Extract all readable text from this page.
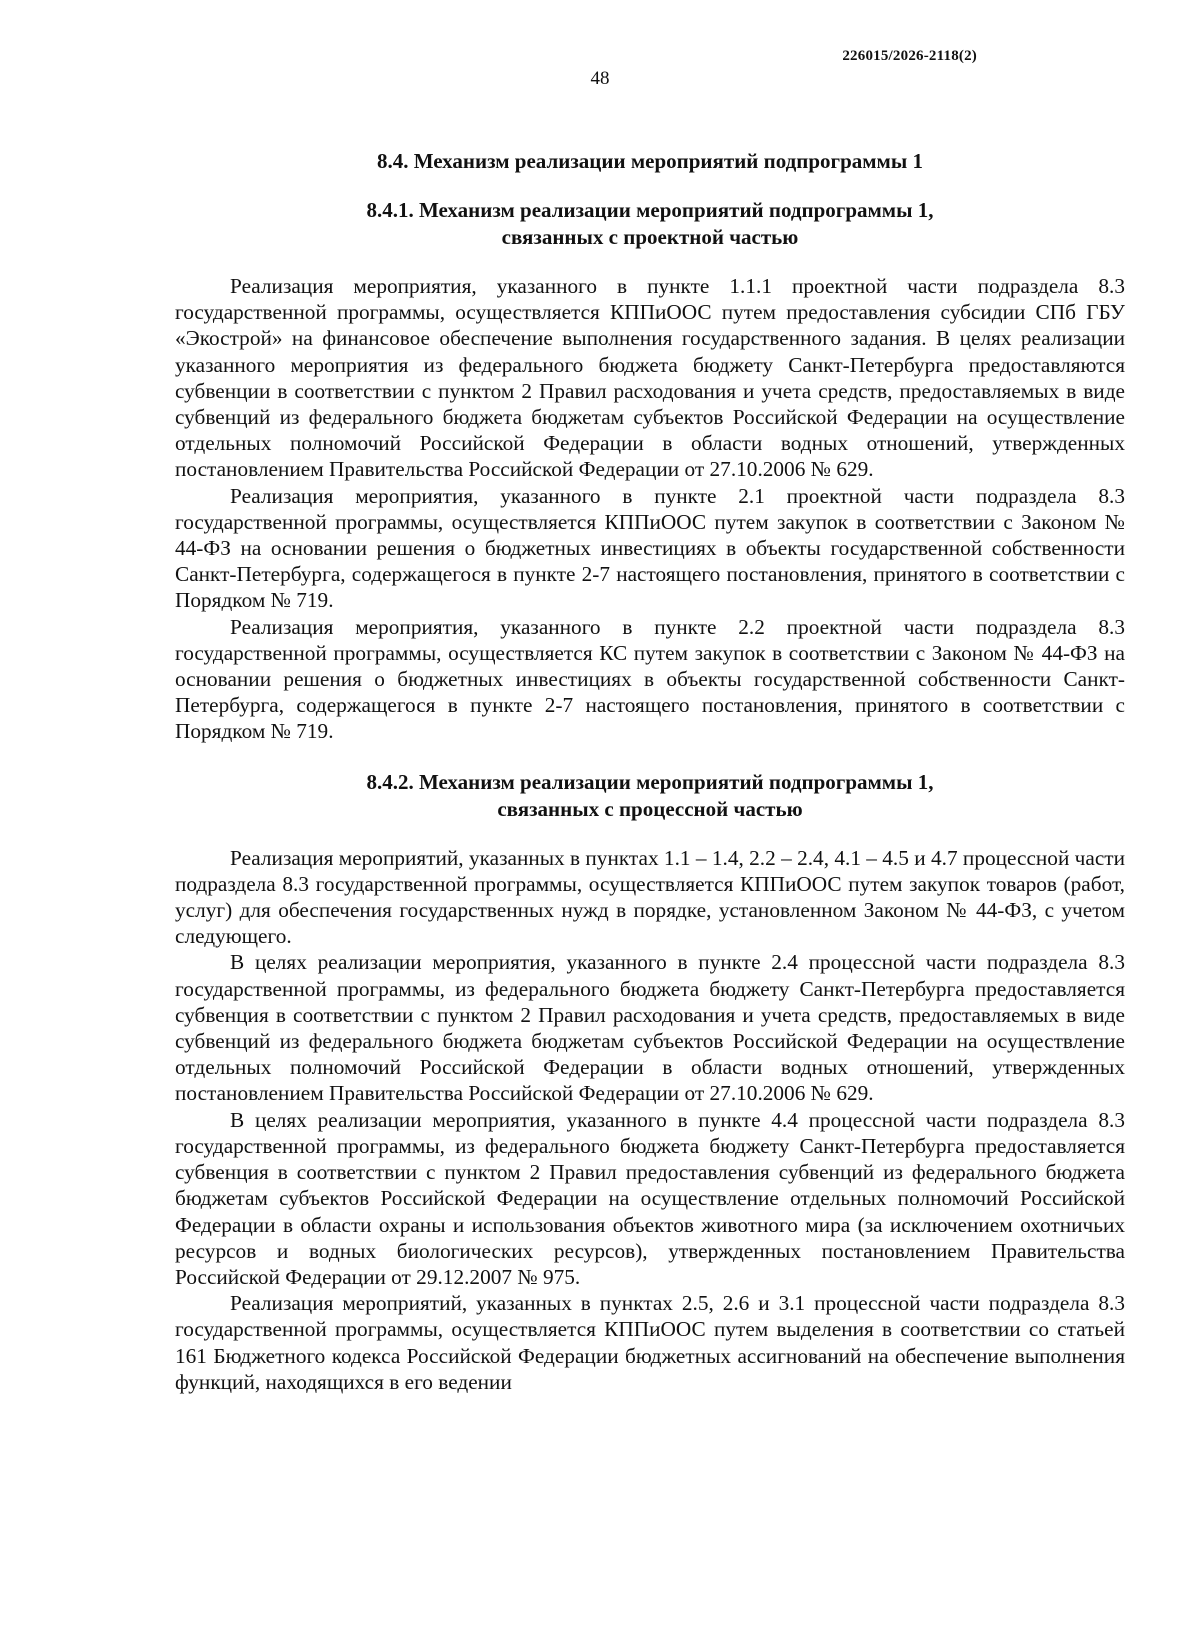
226015/2026-2118(2)
48
8.4. Механизм реализации мероприятий подпрограммы 1
8.4.1. Механизм реализации мероприятий подпрограммы 1,
связанных с проектной частью

Реализация мероприятия, указанного в пункте 1.1.1 проектной части подраздела 8.3 государственной программы, осуществляется КППиООС путем предоставления субсидии СПб ГБУ «Экострой» на финансовое обеспечение выполнения государственного задания. В целях реализации указанного мероприятия из федерального бюджета бюджету Санкт-Петербурга предоставляются субвенции в соответствии с пунктом 2 Правил расходования и учета средств, предоставляемых в виде субвенций из федерального бюджета бюджетам субъектов Российской Федерации на осуществление отдельных полномочий Российской Федерации в области водных отношений, утвержденных постановлением Правительства Российской Федерации от 27.10.2006 № 629.

Реализация мероприятия, указанного в пункте 2.1 проектной части подраздела 8.3 государственной программы, осуществляется КППиООС путем закупок в соответствии с Законом № 44-ФЗ на основании решения о бюджетных инвестициях в объекты государственной собственности Санкт-Петербурга, содержащегося в пункте 2-7 настоящего постановления, принятого в соответствии с Порядком № 719.

Реализация мероприятия, указанного в пункте 2.2 проектной части подраздела 8.3 государственной программы, осуществляется КС путем закупок в соответствии с Законом № 44-ФЗ на основании решения о бюджетных инвестициях в объекты государственной собственности Санкт-Петербурга, содержащегося в пункте 2-7 настоящего постановления, принятого в соответствии с Порядком № 719.

8.4.2. Механизм реализации мероприятий подпрограммы 1,
связанных с процессной частью

Реализация мероприятий, указанных в пунктах 1.1 – 1.4, 2.2 – 2.4, 4.1 – 4.5 и 4.7 процессной части подраздела 8.3 государственной программы, осуществляется КППиООС путем закупок товаров (работ, услуг) для обеспечения государственных нужд в порядке, установленном Законом № 44-ФЗ, с учетом следующего.

В целях реализации мероприятия, указанного в пункте 2.4 процессной части подраздела 8.3 государственной программы, из федерального бюджета бюджету Санкт-Петербурга предоставляется субвенция в соответствии с пунктом 2 Правил расходования и учета средств, предоставляемых в виде субвенций из федерального бюджета бюджетам субъектов Российской Федерации на осуществление отдельных полномочий Российской Федерации в области водных отношений, утвержденных постановлением Правительства Российской Федерации от 27.10.2006 № 629.

В целях реализации мероприятия, указанного в пункте 4.4 процессной части подраздела 8.3 государственной программы, из федерального бюджета бюджету Санкт-Петербурга предоставляется субвенция в соответствии с пунктом 2 Правил предоставления субвенций из федерального бюджета бюджетам субъектов Российской Федерации на осуществление отдельных полномочий Российской Федерации в области охраны и использования объектов животного мира (за исключением охотничьих ресурсов и водных биологических ресурсов), утвержденных постановлением Правительства Российской Федерации от 29.12.2007 № 975.

Реализация мероприятий, указанных в пунктах 2.5, 2.6 и 3.1 процессной части подраздела 8.3 государственной программы, осуществляется КППиООС путем выделения в соответствии со статьей 161 Бюджетного кодекса Российской Федерации бюджетных ассигнований на обеспечение выполнения функций, находящихся в его ведении
